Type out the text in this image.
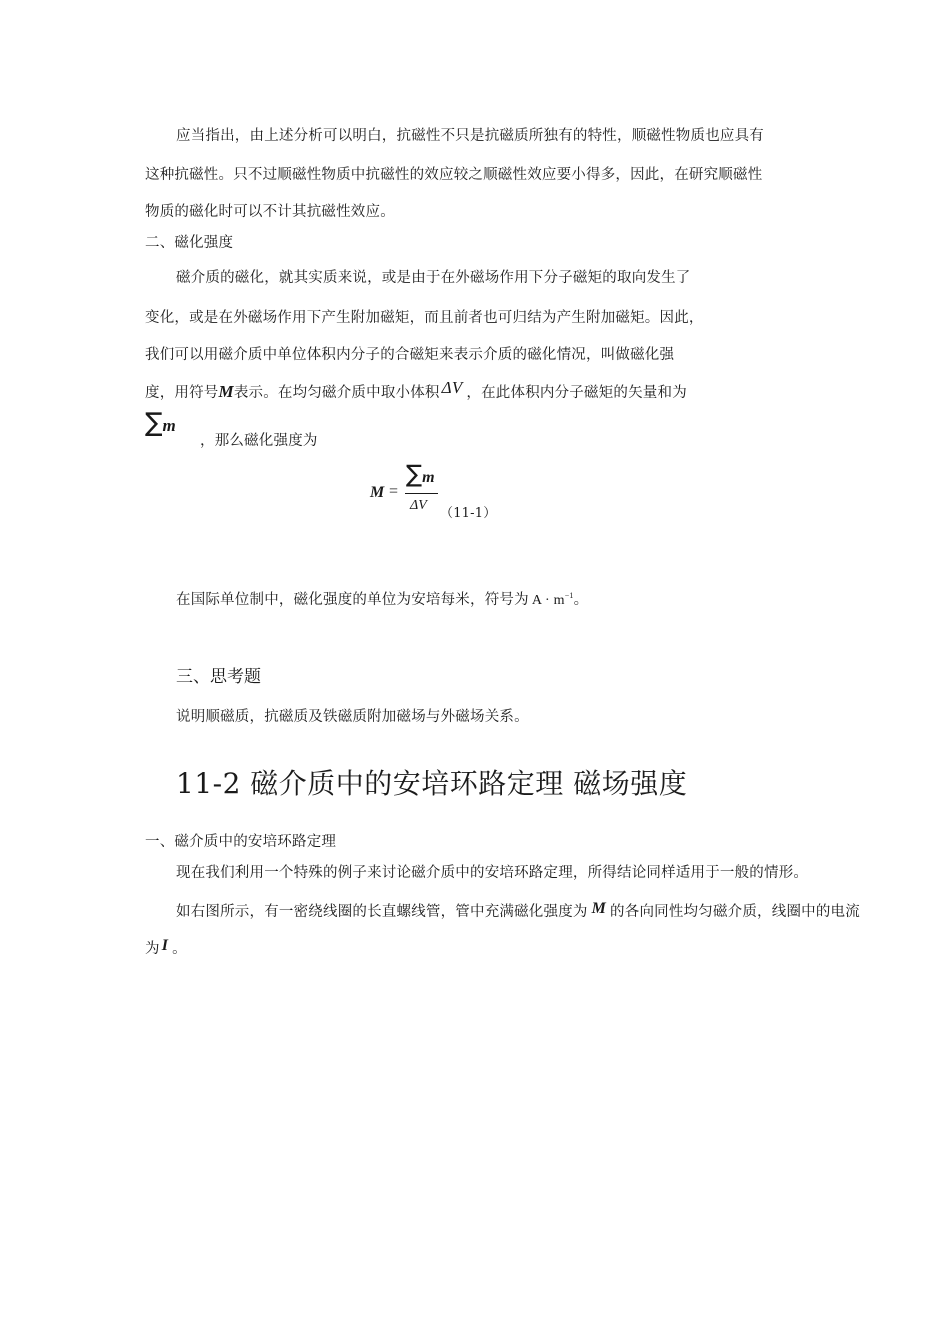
应当指出，由上述分析可以明白，抗磁性不只是抗磁质所独有的特性，顺磁性物质也应具有
这种抗磁性。只不过顺磁性物质中抗磁性的效应较之顺磁性效应要小得多，因此，在研究顺磁性
物质的磁化时可以不计其抗磁性效应。
二、磁化强度
磁介质的磁化，就其实质来说，或是由于在外磁场作用下分子磁矩的取向发生了
变化，或是在外磁场作用下产生附加磁矩，而且前者也可归结为产生附加磁矩。因此，
我们可以用磁介质中单位体积内分子的合磁矩来表示介质的磁化情况，叫做磁化强
度，用符号M表示。在均匀磁介质中取小体积 ΔV ，在此体积内分子磁矩的矢量和为
∑m
，那么磁化强度为
M =
∑m
ΔV
（11-1）
在国际单位制中，磁化强度的单位为安培每米，符号为 $A \cdot m^{-1}$。
三、思考题
说明顺磁质，抗磁质及铁磁质附加磁场与外磁场关系。
11-2 磁介质中的安培环路定理 磁场强度
一、磁介质中的安培环路定理
现在我们利用一个特殊的例子来讨论磁介质中的安培环路定理，所得结论同样适用于一般的情形。
如右图所示，有一密绕线圈的长直螺线管，管中充满磁化强度为 M 的各向同性均匀磁介质，线圈中的电流
为 I 。
